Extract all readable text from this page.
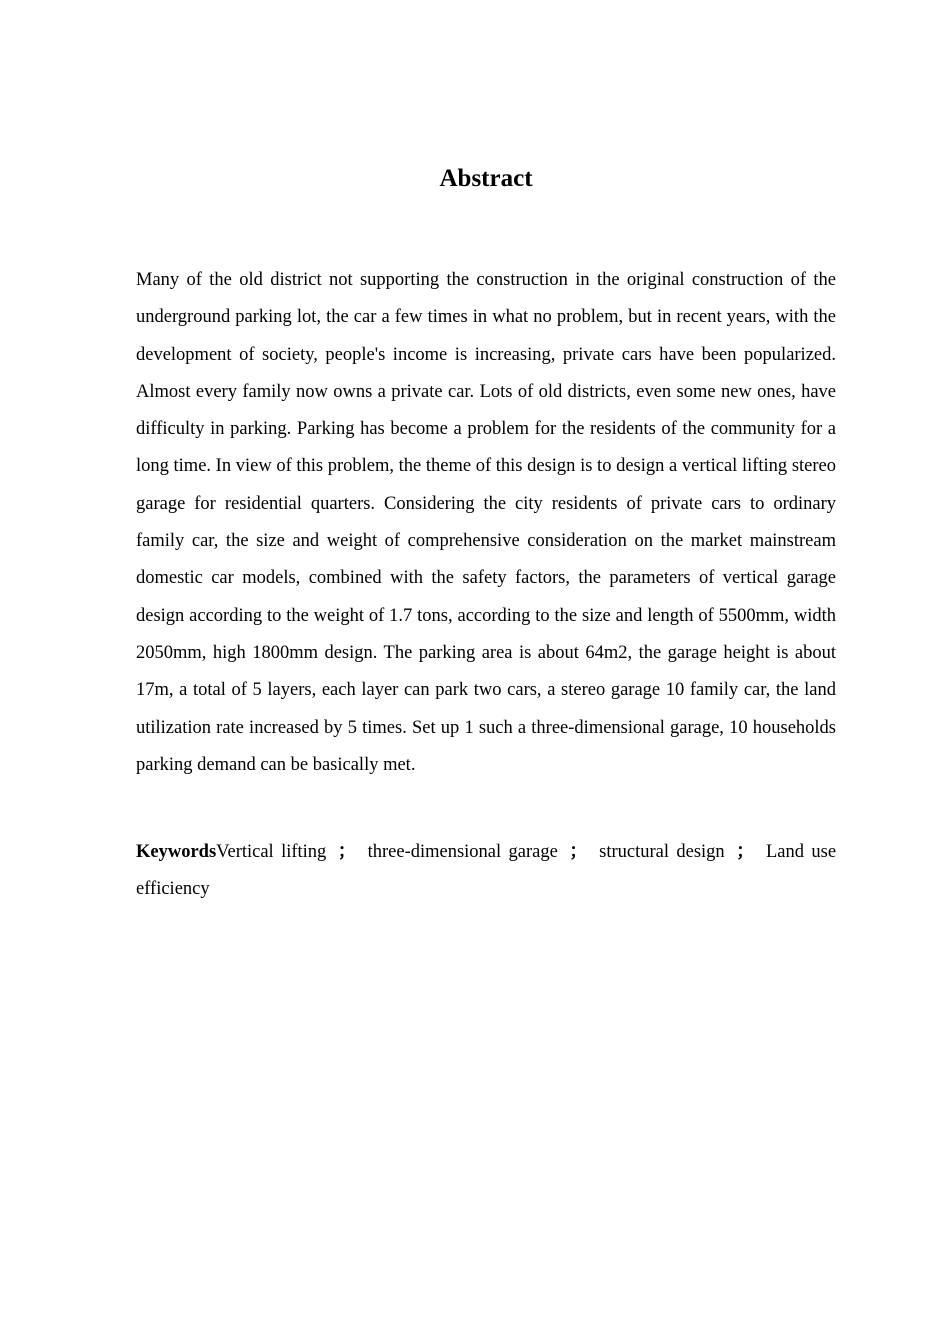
Abstract

Many of the old district not supporting the construction in the original construction of the underground parking lot, the car a few times in what no problem, but in recent years, with the development of society, people's income is increasing, private cars have been popularized. Almost every family now owns a private car. Lots of old districts, even some new ones, have difficulty in parking. Parking has become a problem for the residents of the community for a long time. In view of this problem, the theme of this design is to design a vertical lifting stereo garage for residential quarters. Considering the city residents of private cars to ordinary family car, the size and weight of comprehensive consideration on the market mainstream domestic car models, combined with the safety factors, the parameters of vertical garage design according to the weight of 1.7 tons, according to the size and length of 5500mm, width 2050mm, high 1800mm design. The parking area is about 64m2, the garage height is about 17m, a total of 5 layers, each layer can park two cars, a stereo garage 10 family car, the land utilization rate increased by 5 times. Set up 1 such a three-dimensional garage, 10 households parking demand can be basically met.

KeywordsVertical lifting ； three-dimensional garage ； structural design ； Land use efficiency
